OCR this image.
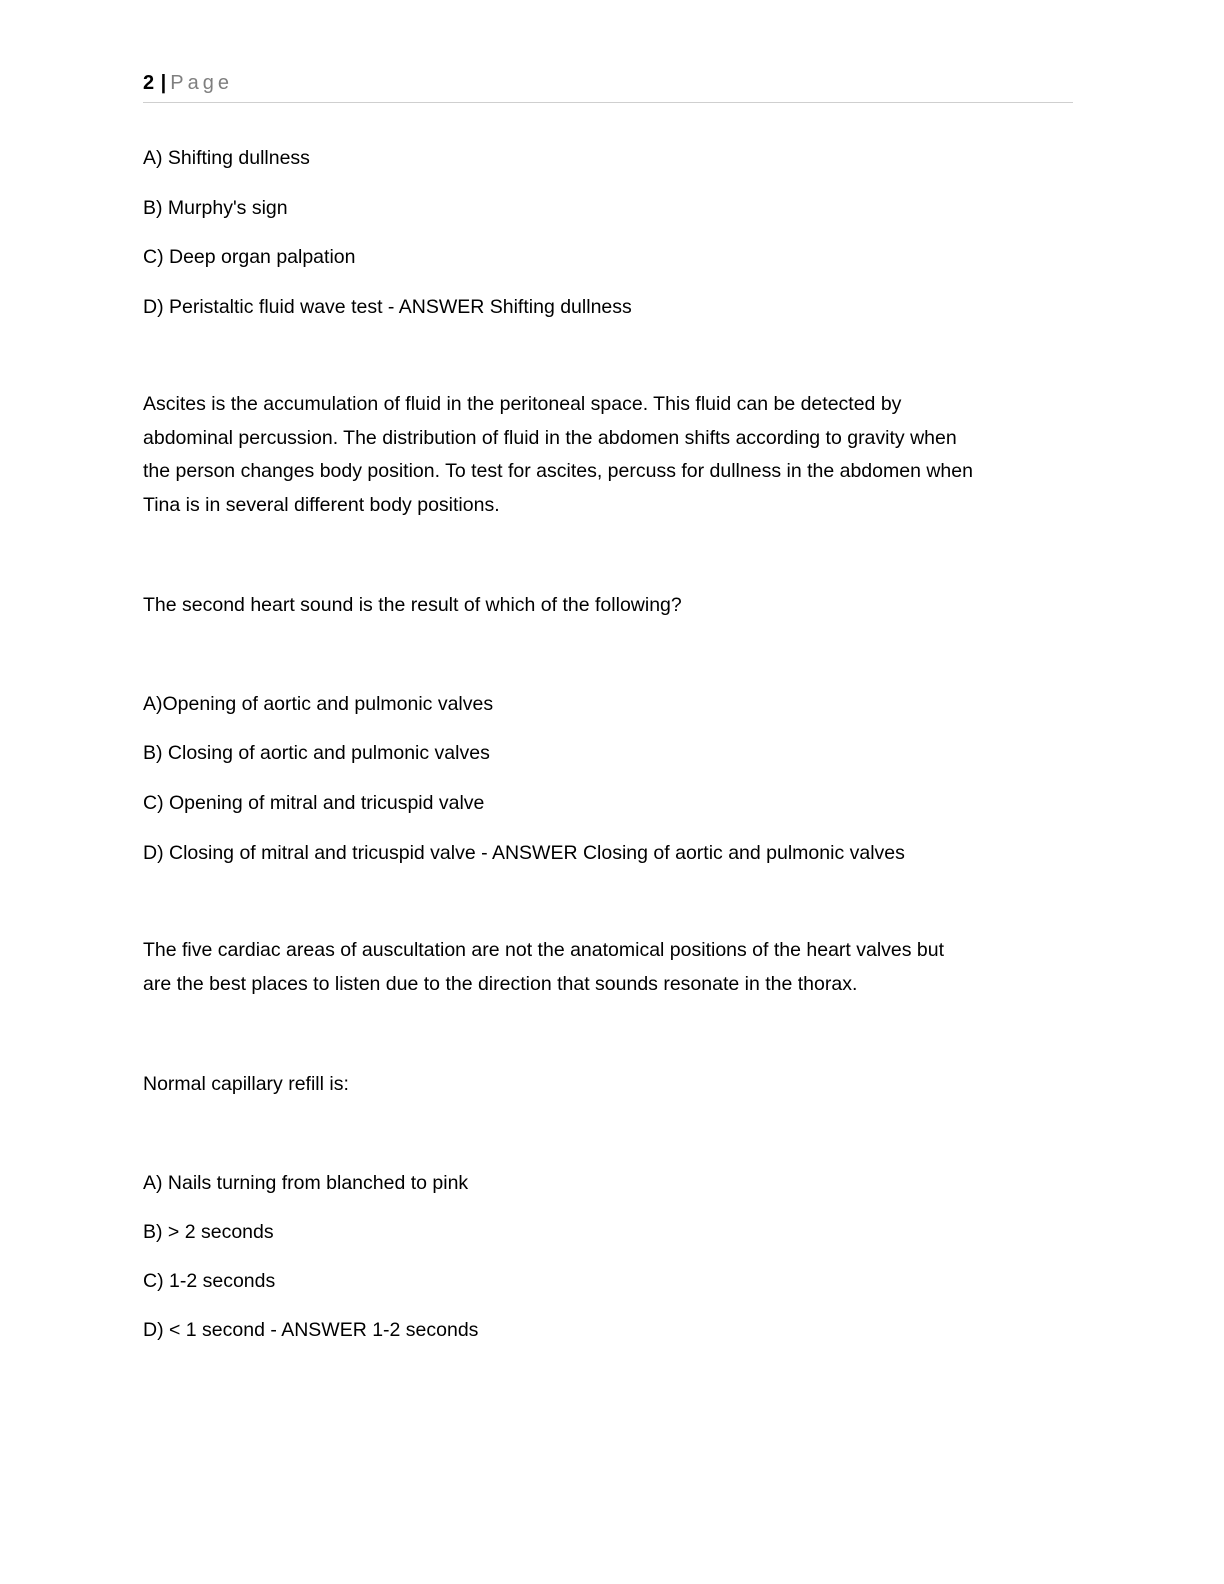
2 | Page
A) Shifting dullness
B) Murphy's sign
C) Deep organ palpation
D) Peristaltic fluid wave test - ANSWER Shifting dullness

Ascites is the accumulation of fluid in the peritoneal space. This fluid can be detected by
abdominal percussion. The distribution of fluid in the abdomen shifts according to gravity when
the person changes body position. To test for ascites, percuss for dullness in the abdomen when
Tina is in several different body positions.

The second heart sound is the result of which of the following?
A)Opening of aortic and pulmonic valves
B) Closing of aortic and pulmonic valves
C) Opening of mitral and tricuspid valve
D) Closing of mitral and tricuspid valve - ANSWER Closing of aortic and pulmonic valves

The five cardiac areas of auscultation are not the anatomical positions of the heart valves but
are the best places to listen due to the direction that sounds resonate in the thorax.

Normal capillary refill is:
A) Nails turning from blanched to pink
B) > 2 seconds
C) 1-2 seconds
D) < 1 second - ANSWER 1-2 seconds
